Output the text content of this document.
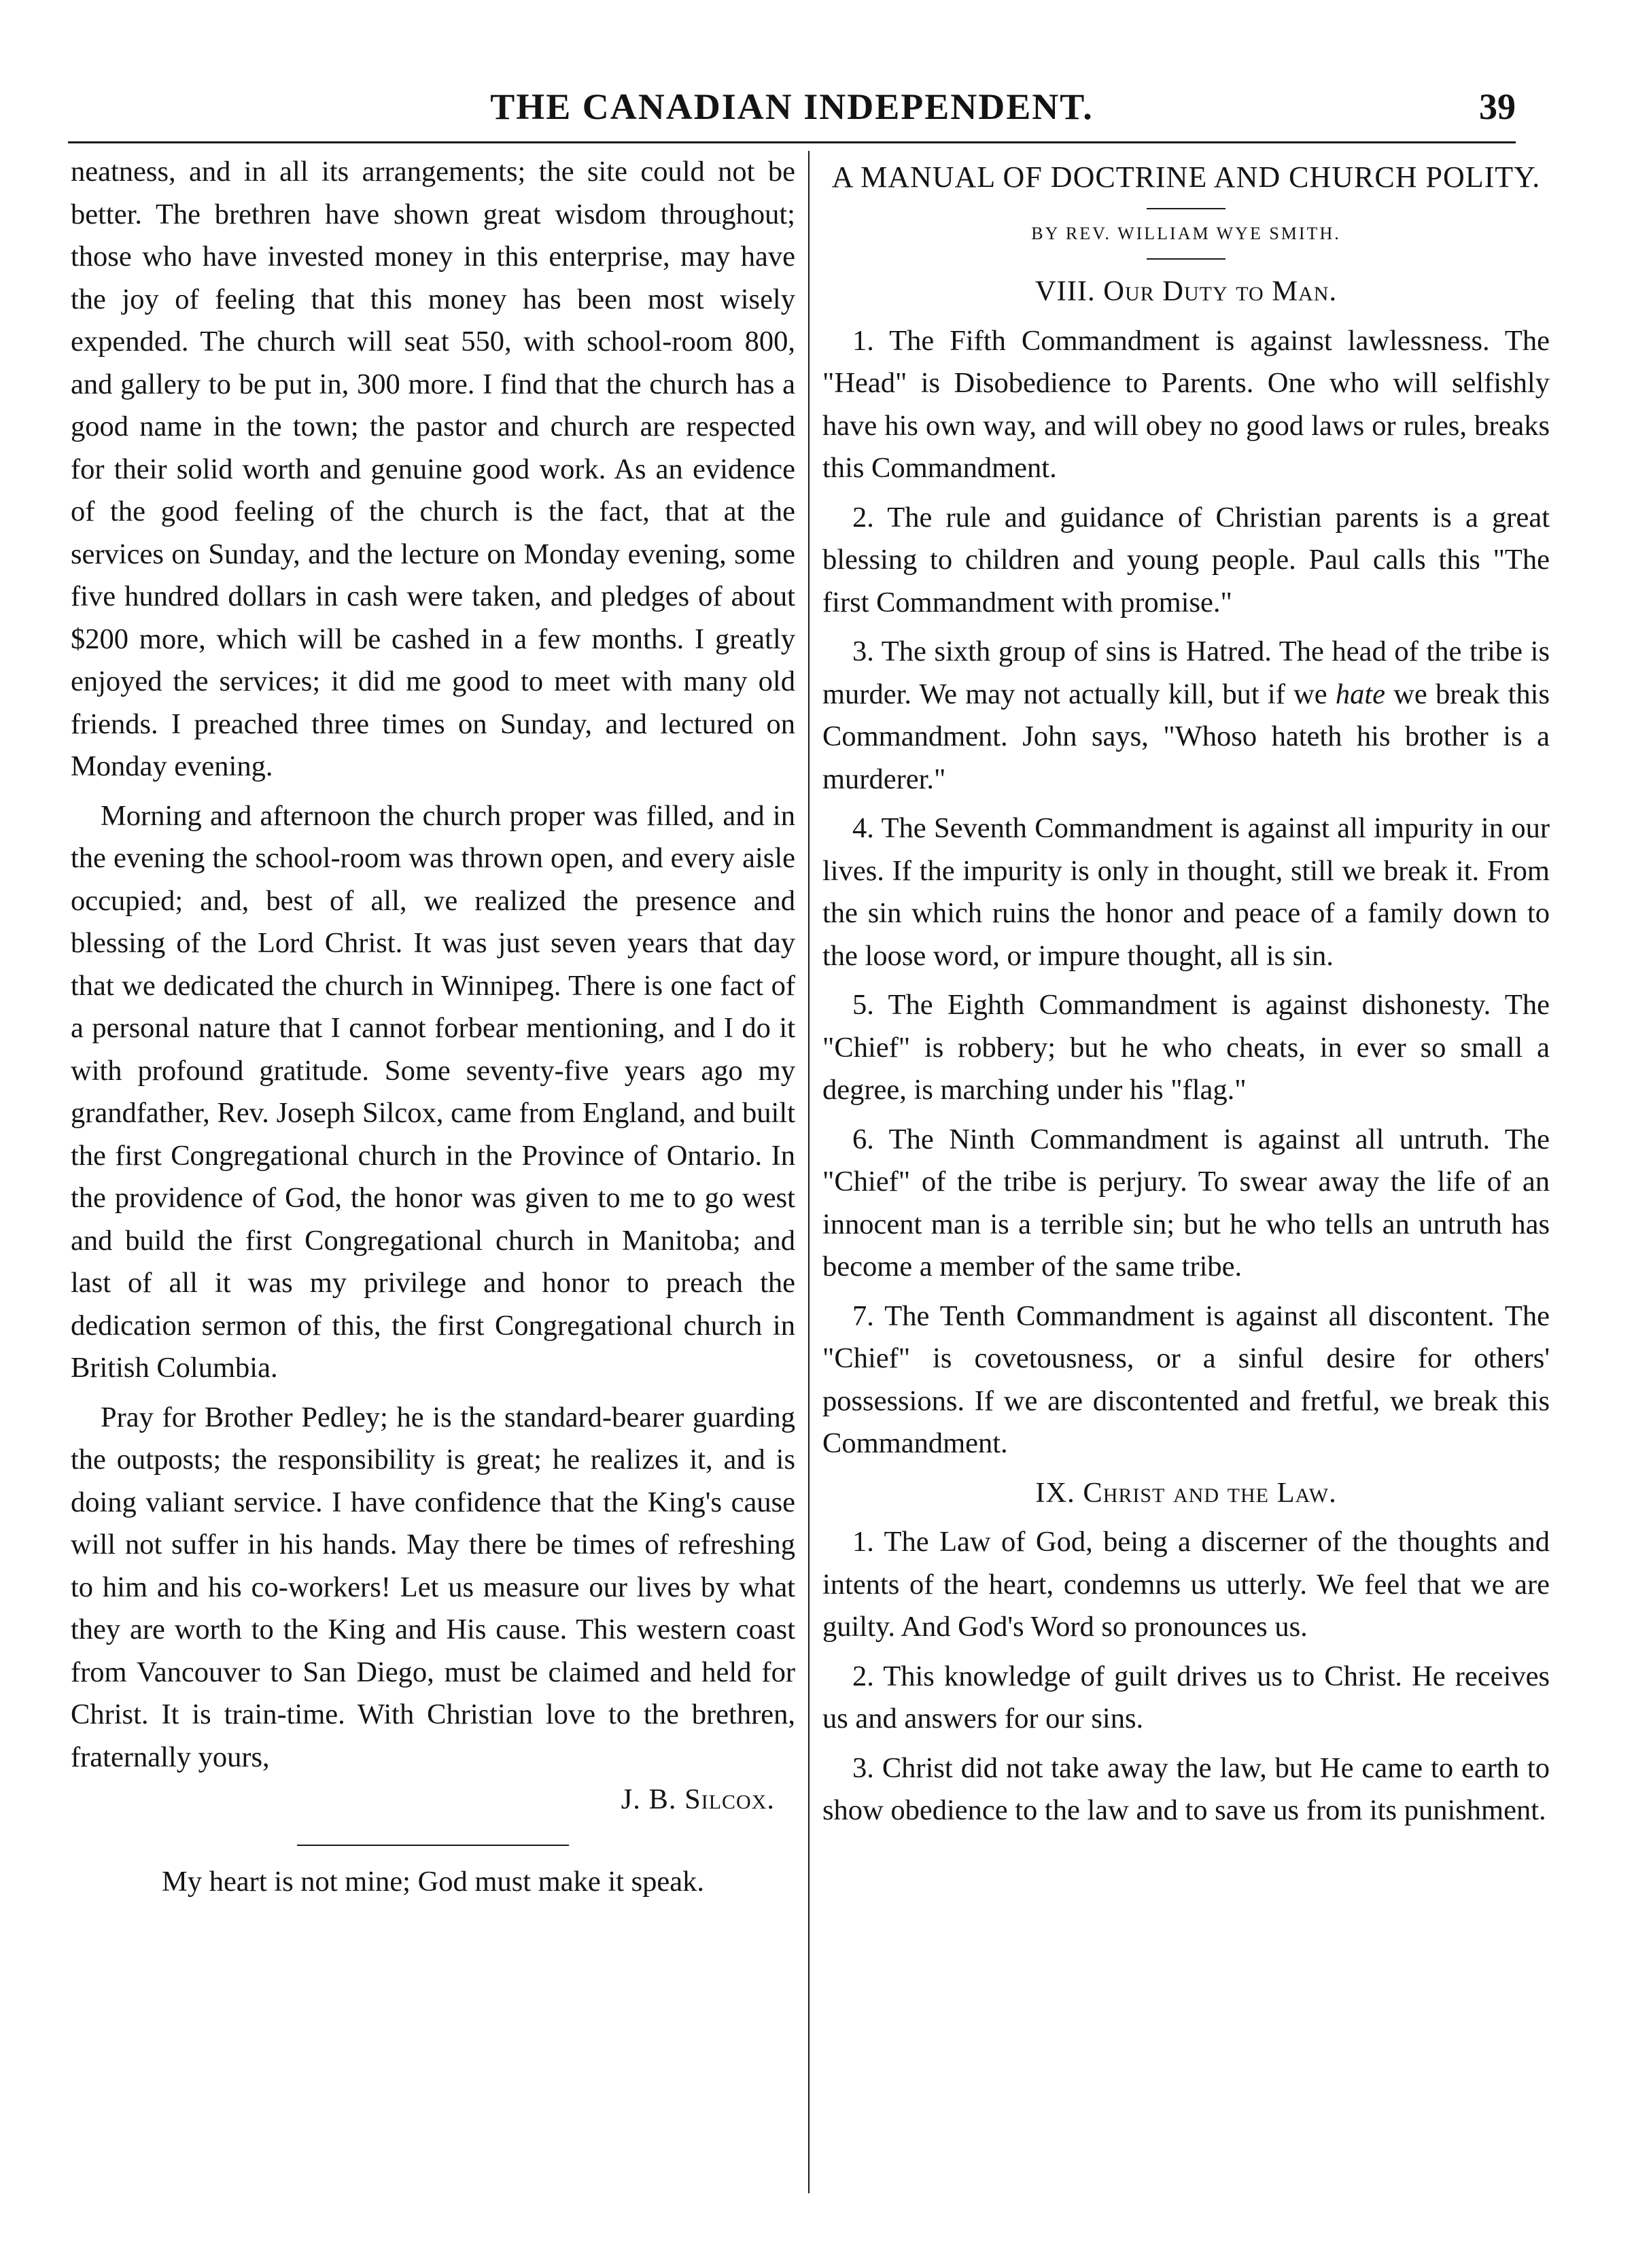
THE CANADIAN INDEPENDENT.	39

neatness, and in all its arrangements; the site could not be better. The brethren have shown great wisdom throughout; those who have invested money in this enterprise, may have the joy of feeling that this money has been most wisely expended. The church will seat 550, with school-room 800, and gallery to be put in, 300 more. I find that the church has a good name in the town; the pastor and church are respected for their solid worth and genuine good work. As an evidence of the good feeling of the church is the fact, that at the services on Sunday, and the lecture on Monday evening, some five hundred dollars in cash were taken, and pledges of about $200 more, which will be cashed in a few months. I greatly enjoyed the services; it did me good to meet with many old friends. I preached three times on Sunday, and lectured on Monday evening.

Morning and afternoon the church proper was filled, and in the evening the school-room was thrown open, and every aisle occupied; and, best of all, we realized the presence and blessing of the Lord Christ. It was just seven years that day that we dedicated the church in Winnipeg. There is one fact of a personal nature that I cannot forbear mentioning, and I do it with profound gratitude. Some seventy-five years ago my grandfather, Rev. Joseph Silcox, came from England, and built the first Congregational church in the Province of Ontario. In the providence of God, the honor was given to me to go west and build the first Congregational church in Manitoba; and last of all it was my privilege and honor to preach the dedication sermon of this, the first Congregational church in British Columbia.

Pray for Brother Pedley; he is the standard-bearer guarding the outposts; the responsibility is great; he realizes it, and is doing valiant service. I have confidence that the King's cause will not suffer in his hands. May there be times of refreshing to him and his co-workers! Let us measure our lives by what they are worth to the King and His cause. This western coast from Vancouver to San Diego, must be claimed and held for Christ. It is train-time. With Christian love to the brethren, fraternally yours,

J. B. Silcox.

My heart is not mine; God must make it speak.

A MANUAL OF DOCTRINE AND CHURCH POLITY.

BY REV. WILLIAM WYE SMITH.

VIII. Our Duty to Man.

1. The Fifth Commandment is against lawlessness. The "Head" is Disobedience to Parents. One who will selfishly have his own way, and will obey no good laws or rules, breaks this Commandment.

2. The rule and guidance of Christian parents is a great blessing to children and young people. Paul calls this "The first Commandment with promise."

3. The sixth group of sins is Hatred. The head of the tribe is murder. We may not actually kill, but if we hate we break this Commandment. John says, "Whoso hateth his brother is a murderer."

4. The Seventh Commandment is against all impurity in our lives. If the impurity is only in thought, still we break it. From the sin which ruins the honor and peace of a family down to the loose word, or impure thought, all is sin.

5. The Eighth Commandment is against dishonesty. The "Chief" is robbery; but he who cheats, in ever so small a degree, is marching under his "flag."

6. The Ninth Commandment is against all untruth. The "Chief" of the tribe is perjury. To swear away the life of an innocent man is a terrible sin; but he who tells an untruth has become a member of the same tribe.

7. The Tenth Commandment is against all discontent. The "Chief" is covetousness, or a sinful desire for others' possessions. If we are discontented and fretful, we break this Commandment.

IX. Christ and the Law.

1. The Law of God, being a discerner of the thoughts and intents of the heart, condemns us utterly. We feel that we are guilty. And God's Word so pronounces us.

2. This knowledge of guilt drives us to Christ. He receives us and answers for our sins.

3. Christ did not take away the law, but He came to earth to show obedience to the law and to save us from its punishment.
